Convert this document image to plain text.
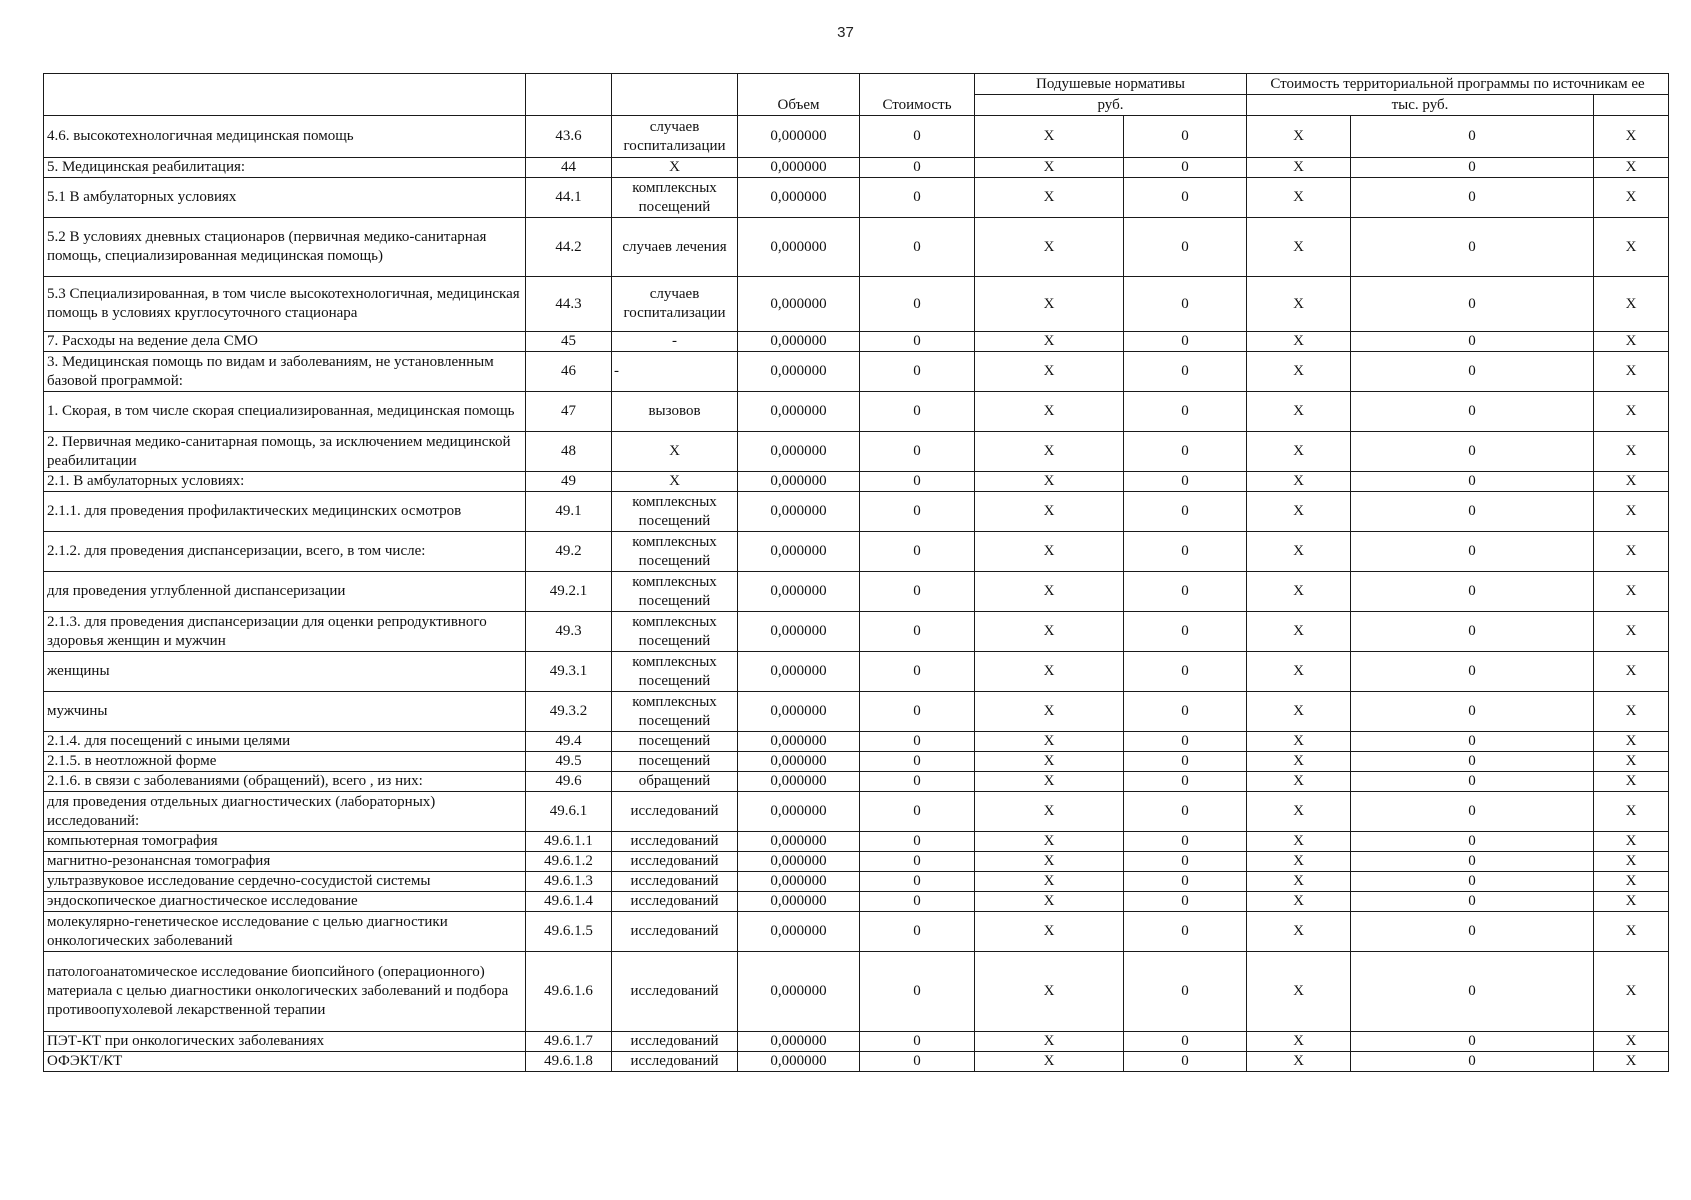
37
			Объем	Стоимость	Подушевые нормативы		Стоимость территориальной программы по источникам ее		
					руб.		тыс. руб.		
4.6. высокотехнологичная медицинская помощь	43.6	случаев госпитализации	0,000000	0	X	0	X	0	X
5. Медицинская реабилитация:	44	X	0,000000	0	X	0	X	0	X
5.1 В амбулаторных условиях	44.1	комплексных посещений	0,000000	0	X	0	X	0	X
5.2 В условиях дневных стационаров (первичная медико-санитарная помощь, специализированная медицинская помощь)	44.2	случаев лечения	0,000000	0	X	0	X	0	X
5.3 Специализированная, в том числе высокотехнологичная, медицинская помощь в условиях круглосуточного стационара	44.3	случаев госпитализации	0,000000	0	X	0	X	0	X
7. Расходы на ведение дела СМО	45	-	0,000000	0	X	0	X	0	X
3. Медицинская помощь по видам и заболеваниям, не установленным базовой программой:	46	-	0,000000	0	X	0	X	0	X
1. Скорая, в том числе скорая специализированная, медицинская помощь	47	вызовов	0,000000	0	X	0	X	0	X
2. Первичная медико-санитарная помощь, за исключением медицинской реабилитации	48	X	0,000000	0	X	0	X	0	X
2.1. В амбулаторных условиях:	49	X	0,000000	0	X	0	X	0	X
2.1.1. для проведения профилактических медицинских осмотров	49.1	комплексных посещений	0,000000	0	X	0	X	0	X
2.1.2. для проведения диспансеризации, всего, в том числе:	49.2	комплексных посещений	0,000000	0	X	0	X	0	X
для проведения углубленной диспансеризации	49.2.1	комплексных посещений	0,000000	0	X	0	X	0	X
2.1.3. для проведения диспансеризации для оценки репродуктивного здоровья женщин и мужчин	49.3	комплексных посещений	0,000000	0	X	0	X	0	X
женщины	49.3.1	комплексных посещений	0,000000	0	X	0	X	0	X
мужчины	49.3.2	комплексных посещений	0,000000	0	X	0	X	0	X
2.1.4. для посещений с иными целями	49.4	посещений	0,000000	0	X	0	X	0	X
2.1.5. в неотложной форме	49.5	посещений	0,000000	0	X	0	X	0	X
2.1.6. в связи с заболеваниями (обращений), всего , из них:	49.6	обращений	0,000000	0	X	0	X	0	X
для проведения отдельных диагностических (лабораторных) исследований:	49.6.1	исследований	0,000000	0	X	0	X	0	X
компьютерная томография	49.6.1.1	исследований	0,000000	0	X	0	X	0	X
магнитно-резонансная томография	49.6.1.2	исследований	0,000000	0	X	0	X	0	X
ультразвуковое исследование сердечно-сосудистой системы	49.6.1.3	исследований	0,000000	0	X	0	X	0	X
эндоскопическое диагностическое исследование	49.6.1.4	исследований	0,000000	0	X	0	X	0	X
молекулярно-генетическое исследование с целью диагностики онкологических заболеваний	49.6.1.5	исследований	0,000000	0	X	0	X	0	X
патологоанатомическое исследование биопсийного (операционного) материала с целью диагностики онкологических заболеваний и подбора противоопухолевой лекарственной терапии	49.6.1.6	исследований	0,000000	0	X	0	X	0	X
ПЭТ-КТ при онкологических заболеваниях	49.6.1.7	исследований	0,000000	0	X	0	X	0	X
ОФЭКТ/КТ	49.6.1.8	исследований	0,000000	0	X	0	X	0	X
